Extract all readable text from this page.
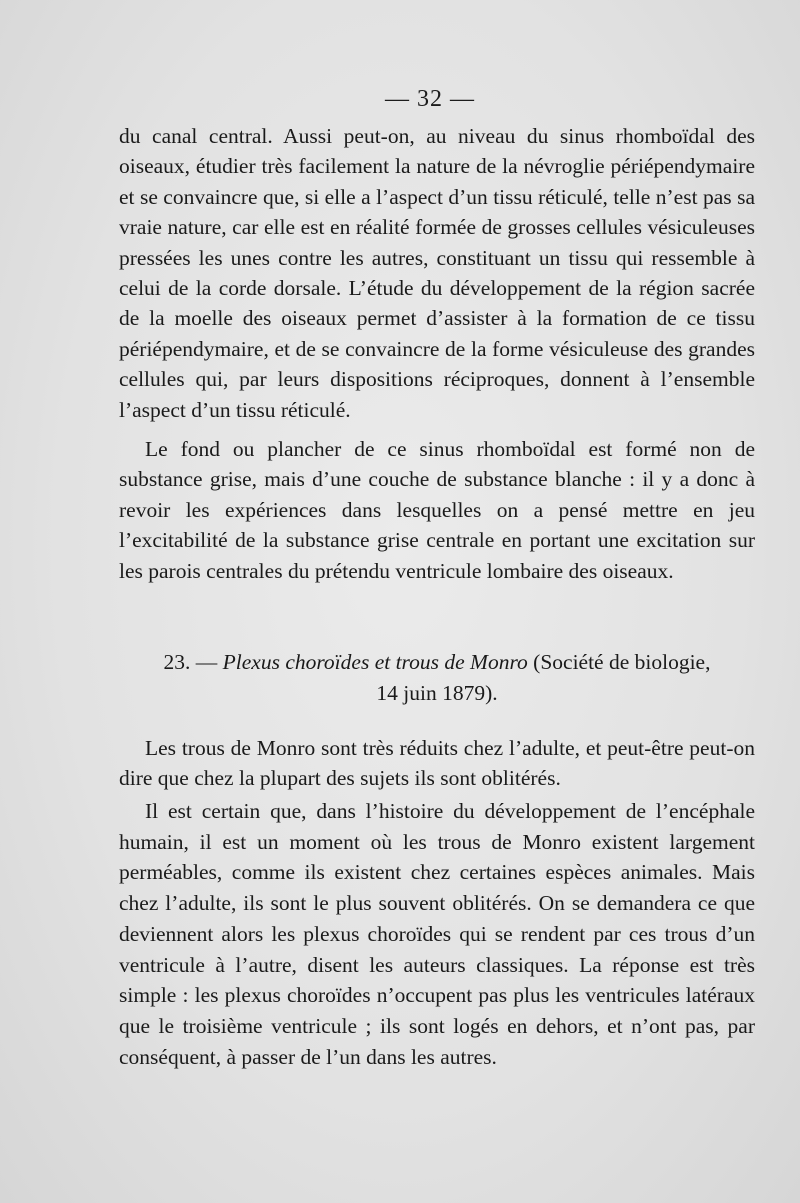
— 32 —

du canal central. Aussi peut-on, au niveau du sinus rhomboïdal des oiseaux, étudier très facilement la nature de la névroglie périépendymaire et se convaincre que, si elle a l’aspect d’un tissu réticulé, telle n’est pas sa vraie nature, car elle est en réalité formée de grosses cellules vésiculeuses pressées les unes contre les autres, constituant un tissu qui ressemble à celui de la corde dorsale. L’étude du développement de la région sacrée de la moelle des oiseaux permet d’assister à la formation de ce tissu périépendymaire, et de se convaincre de la forme vésiculeuse des grandes cellules qui, par leurs dispositions réciproques, donnent à l’ensemble l’aspect d’un tissu réticulé.

Le fond ou plancher de ce sinus rhomboïdal est formé non de substance grise, mais d’une couche de substance blanche : il y a donc à revoir les expériences dans lesquelles on a pensé mettre en jeu l’excitabilité de la substance grise centrale en portant une excitation sur les parois centrales du prétendu ventricule lombaire des oiseaux.

23. — Plexus choroïdes et trous de Monro (Société de biologie,
14 juin 1879).

Les trous de Monro sont très réduits chez l’adulte, et peut-être peut-on dire que chez la plupart des sujets ils sont oblitérés.

Il est certain que, dans l’histoire du développement de l’encéphale humain, il est un moment où les trous de Monro existent largement perméables, comme ils existent chez certaines espèces animales. Mais chez l’adulte, ils sont le plus souvent oblitérés. On se demandera ce que deviennent alors les plexus choroïdes qui se rendent par ces trous d’un ventricule à l’autre, disent les auteurs classiques. La réponse est très simple : les plexus choroïdes n’occupent pas plus les ventricules latéraux que le troisième ventricule ; ils sont logés en dehors, et n’ont pas, par conséquent, à passer de l’un dans les autres.
